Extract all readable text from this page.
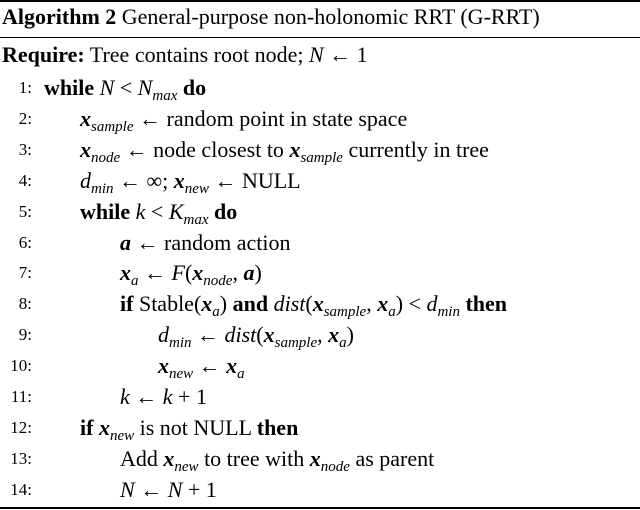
Algorithm 2 General-purpose non-holonomic RRT (G-RRT)
Require: Tree contains root node; N ← 1
1: while $N < N_{max}$ do
2: $x_{sample}$ ← random point in state space
3: $x_{node}$ ← node closest to $x_{sample}$ currently in tree
4: $d_{min}$ ← ∞; $x_{new}$ ← NULL
5: while $k < K_{max}$ do
6:	a ← random action
7:	$x_a$ ← $F(x_{node}$, a)
8:	if $Stable(x_a)$ and $dist(x_{sample}$, $x_a) < d_{min}$ then
9:	$d_{min}$ ← $dist(x_{sample}$, $x_a$)
10:	$x_{new}$ ← $x_a$
11:	k ← k + 1
12: if $x_{new}$ is not NULL then
13:	Add $x_{new}$ to tree with $x_{node}$ as parent
14:	N ← N + 1
